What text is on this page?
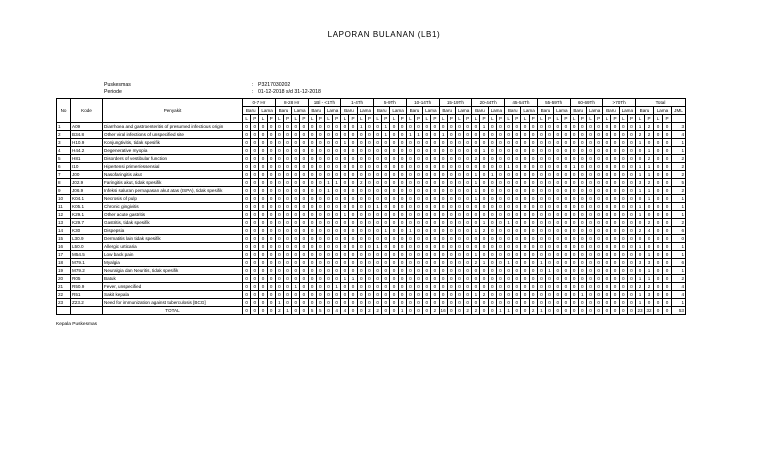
LAPORAN BULANAN (LB1)
Puskesmas	: P3217030202
Periode	: 01-12-2018 s/d 31-12-2018
No	Kode	Penyakit	0-7 Hr				8-28 Hr				1Bl - <1Th				1-4Th				5-9Th				10-14Th				15-19Th				20-44Th				45-54Th				55-59Th				60-69Th				>70Th				Total				
			Baru		Lama		Baru		Lama		Baru		Lama		Baru		Lama		Baru		Lama		Baru		Lama		Baru		Lama		Baru		Lama		Baru		Lama		Baru		Lama		Baru		Lama		Baru		Lama		Baru		Lama		JML
			L	P	L	P	L	P	L	P	L	P	L	P	L	P	L	P	L	P	L	P	L	P	L	P	L	P	L	P	L	P	L	P	L	P	L	P	L	P	L	P	L	P	L	P	L	P	L	P	L	P	L	P	
1	A09	Diarrhoea and gastroenteritis of presumed infectious origin	0	0	0	0	0	0	0	0	0	0	0	0	0	0	1	0	0	1	0	0	0	0	0	0	0	0	0	0	0	1	0	0	0	0	0	0	0	0	0	0	0	0	0	0	0	0	0	0	1	2	0	0	3
2	B34.8	Other viral infections of unspecified site	0	0	0	0	0	0	0	0	0	0	0	0	0	0	0	0	0	1	0	0	1	1	0	0	1	0	0	0	0	0	0	0	0	0	0	0	0	0	0	0	0	0	0	0	0	0	0	0	2	2	0	0	4
3	H10.9	Konjungtivitis, tidak spesifik	0	0	0	0	0	0	0	0	0	0	0	0	1	0	0	0	0	0	0	0	0	0	0	0	0	0	0	0	0	0	0	0	0	0	0	0	0	0	0	0	0	0	0	0	0	0	0	0	1	0	0	0	1
4	H44.2	Degenerative myopia	0	0	0	0	0	0	0	0	0	0	0	0	0	0	0	0	0	0	0	0	0	0	0	0	0	0	0	0	0	1	0	0	0	0	0	0	0	0	0	0	0	0	0	0	0	0	0	0	0	1	0	0	1
5	H81	Disorders of vestibular function	0	0	0	0	0	0	0	0	0	0	0	0	0	0	0	0	0	0	0	0	0	0	0	0	0	0	0	0	2	0	0	0	0	0	0	0	0	0	0	0	0	0	0	0	0	0	0	0	0	2	0	0	2
6	I10	Hipertensi primer/essensial	0	0	0	0	0	0	0	0	0	0	0	0	0	0	0	0	0	0	0	0	0	0	0	0	0	0	0	0	0	0	0	0	1	0	0	0	0	0	0	0	1	0	0	0	0	0	0	0	1	1	0	0	2
7	J00	Nasofaringitis akut	0	0	0	0	0	0	0	0	0	0	0	0	0	0	0	0	0	0	0	0	0	0	0	0	0	0	0	0	1	0	1	0	0	0	0	0	0	0	0	0	0	0	0	0	0	0	0	0	1	1	0	0	2
8	J02.9	Faringitis akut, tidak spesifik	0	0	0	0	0	0	0	0	0	0	1	1	0	0	2	0	0	0	0	0	0	0	0	0	0	0	0	0	1	0	0	0	0	0	0	0	0	0	0	0	0	0	0	0	0	0	0	0	3	2	0	0	5
9	J06.9	Infeksi saluran pernapasan akut atas (ISPA), tidak spesifik	0	0	0	0	0	0	0	0	0	0	1	0	0	0	0	0	0	0	0	0	0	0	0	0	0	0	0	0	1	0	0	0	0	0	0	0	0	0	0	0	0	0	0	0	0	0	0	0	1	1	0	0	2
10	K04.1	Necrosis of pulp	0	0	0	0	0	0	0	0	0	0	0	0	0	0	0	0	0	0	0	0	0	0	0	0	0	0	0	0	1	0	0	0	0	0	0	0	0	0	0	0	0	0	0	0	0	0	0	0	0	1	0	0	1
11	K05.1	Chronic gingivitis	0	0	0	0	0	0	0	0	0	0	0	0	0	0	0	0	1	0	0	0	0	0	0	0	0	0	0	0	0	0	0	0	0	0	0	0	0	0	0	0	0	0	0	0	0	0	0	0	1	0	0	0	1
12	K29.1	Other acute gastritis	0	0	0	0	0	0	0	0	0	0	0	0	1	0	0	0	0	0	0	0	0	0	0	0	0	0	0	0	0	0	0	0	0	0	0	0	0	0	0	0	0	0	0	0	0	0	0	0	1	0	0	0	1
13	K29.7	Gastritis, tidak spesifik	0	0	0	0	0	0	0	0	0	0	0	0	0	0	0	0	0	0	0	0	0	0	0	0	0	0	0	0	0	1	0	0	1	0	0	0	0	0	0	0	0	0	0	0	0	0	0	0	0	2	0	0	2
14	K30	Dispepsia	0	0	0	0	0	0	0	0	0	0	0	0	0	0	0	0	0	1	0	0	1	0	0	0	0	0	0	0	1	2	0	0	0	0	0	0	0	0	0	0	0	0	0	0	0	0	0	0	2	4	0	0	6
15	L30.9	Dermatitis lain tidak spesifik	0	0	0	0	0	0	0	0	0	0	0	0	0	0	0	0	0	0	0	0	0	0	0	0	0	0	0	0	0	0	0	0	0	0	0	0	0	0	0	0	0	0	0	0	0	0	0	0	0	0	0	0	0
16	L50.0	Allergic urticaria	0	0	0	0	0	0	0	0	0	0	0	0	0	0	0	0	1	0	0	0	0	0	0	0	0	0	0	0	0	0	0	0	0	0	0	0	0	0	0	0	0	0	0	0	0	0	0	0	1	0	0	0	1
17	M54.5	Low back pain	0	0	0	0	0	0	0	0	0	0	0	0	0	0	0	0	0	0	0	0	0	0	0	0	0	0	0	0	1	0	0	0	0	0	0	0	0	0	0	0	0	0	0	0	0	0	0	0	0	1	0	0	1
18	M79.1	Myalgia	0	0	0	0	0	0	0	0	0	0	0	0	0	0	0	0	0	0	0	0	0	0	0	0	0	0	0	0	2	1	0	0	1	0	0	0	1	0	0	0	0	0	0	0	0	0	0	0	3	3	0	0	6
19	M79.2	Neuralgia dan Neuritis, tidak spesifik	0	0	0	0	0	0	0	0	0	0	0	0	0	0	0	0	0	0	0	0	0	0	0	0	0	0	0	0	0	0	0	0	0	0	0	0	0	1	0	0	0	0	0	0	0	0	0	0	0	1	0	0	1
20	R05	Batuk	0	0	0	0	0	0	0	0	0	0	0	0	1	1	0	0	0	0	0	0	0	0	0	0	0	0	0	0	0	0	0	0	0	0	0	0	0	0	0	0	0	0	0	0	0	0	0	0	1	1	0	0	2
21	R50.9	Fever, unspecified	0	0	0	0	0	0	1	0	0	0	0	1	0	0	0	0	0	0	0	0	0	0	0	0	0	0	0	0	0	0	0	0	0	0	0	0	0	0	0	0	0	0	0	0	0	0	0	0	2	2	0	0	4
22	R51	Sakit kepala	0	0	0	0	0	0	0	0	0	0	0	0	0	0	0	0	0	0	0	0	0	0	0	0	0	0	0	0	1	2	0	0	0	0	0	0	0	0	0	0	0	1	0	0	0	0	0	0	1	3	0	0	4
23	Z23.2	Need for immunization against tuberculosis [BCG]	0	0	0	0	1	0	0	0	0	0	0	0	0	0	0	0	0	0	0	0	0	0	0	0	0	0	0	0	0	0	0	0	0	0	0	0	0	0	0	0	0	0	0	0	0	0	0	0	1	0	0	0	1
		TOTAL	0	0	0	0	2	1	0	0	5	5	0	4	4	0	0	2	2	0	0	1	0	0	0	2	16	0	0	2	2	0	0	1	1	0	0	2	1	0	0	0	0	0	0	0	0	0	0	0	23	32	0	0	53
Kepala Puskesmas
